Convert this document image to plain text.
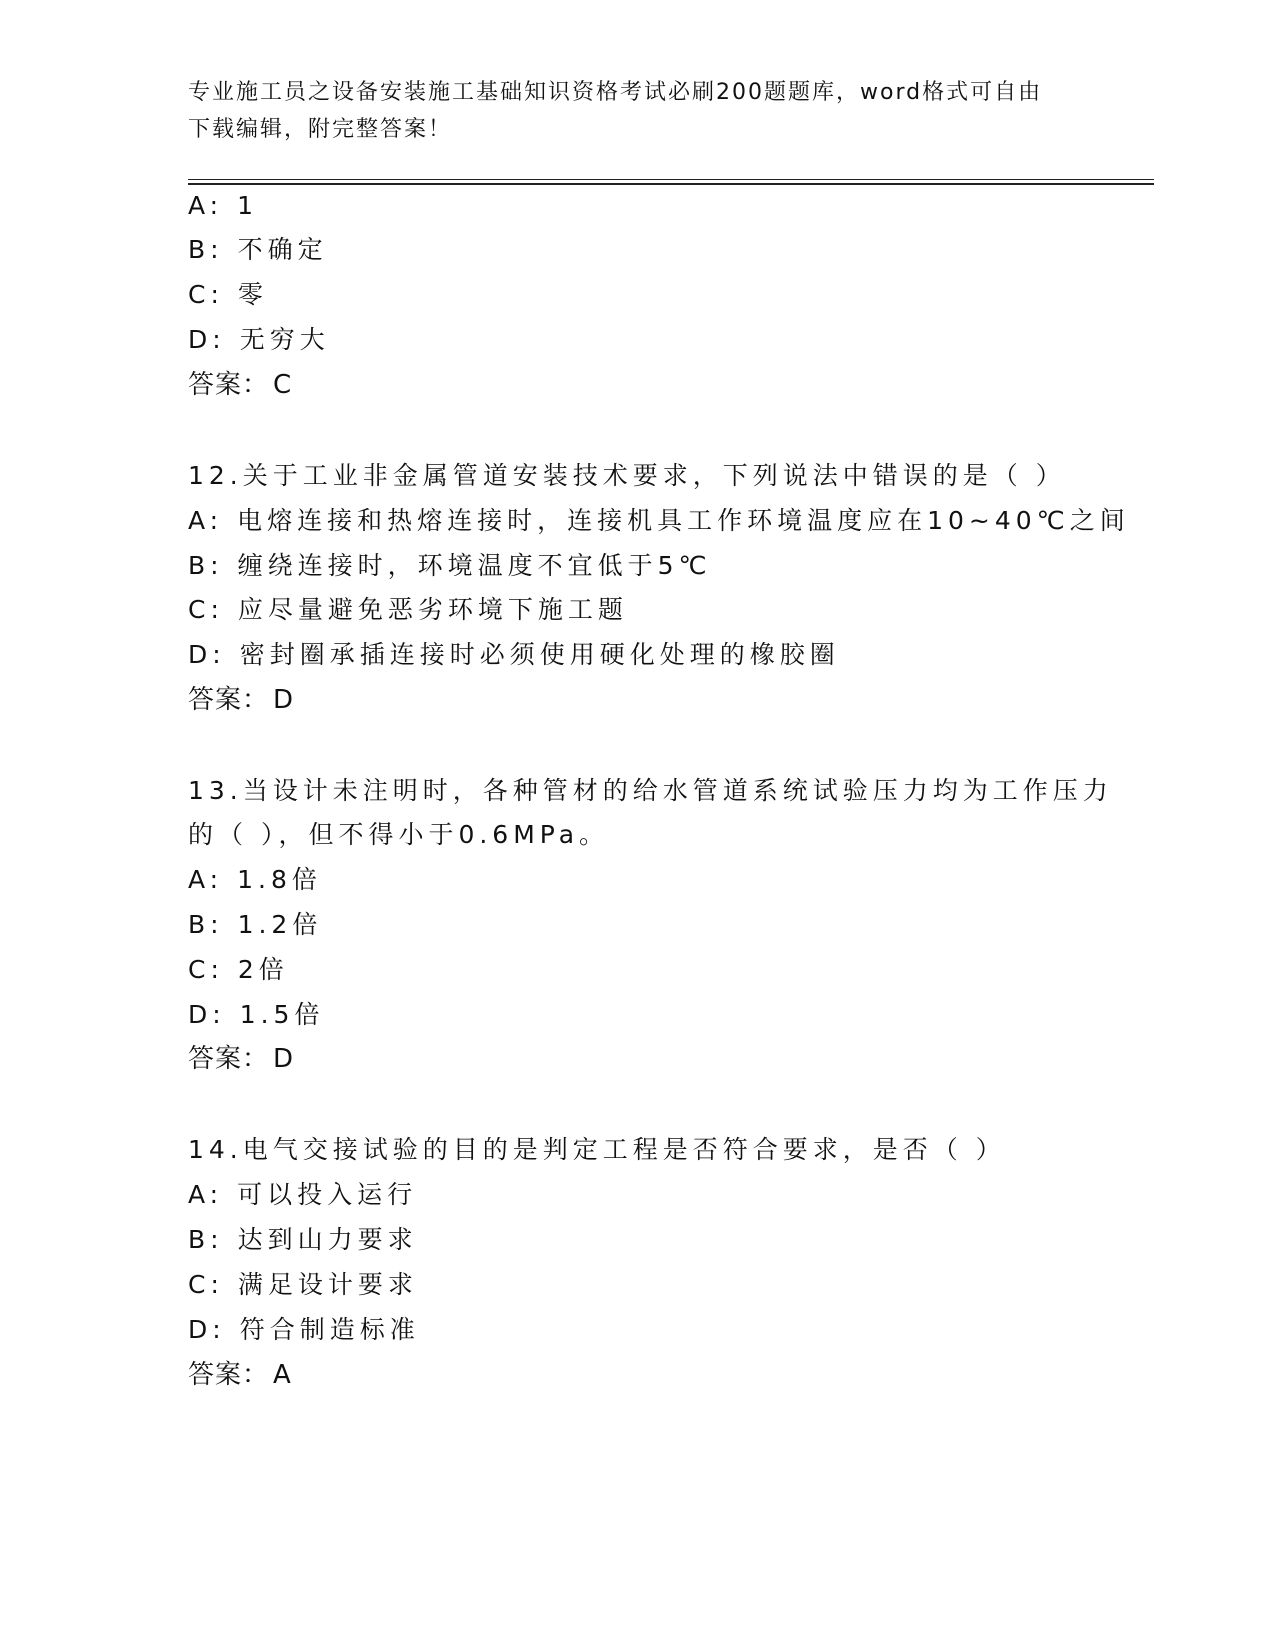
专业施工员之设备安装施工基础知识资格考试必刷200题题库，word格式可自由
下载编辑，附完整答案！
A: 1
B: 不确定
C: 零
D: 无穷大
答案： C
12.关于工业非金属管道安装技术要求，下列说法中错误的是（ ）
A: 电熔连接和热熔连接时，连接机具工作环境温度应在10~40℃之间
B: 缠绕连接时，环境温度不宜低于5℃
C: 应尽量避免恶劣环境下施工题
D: 密封圈承插连接时必须使用硬化处理的橡胶圈
答案： D
13.当设计未注明时，各种管材的给水管道系统试验压力均为工作压力
的（ ），但不得小于0.6MPa。
A: 1.8倍
B: 1.2倍
C: 2倍
D: 1.5倍
答案： D
14.电气交接试验的目的是判定工程是否符合要求，是否（ ）
A: 可以投入运行
B: 达到山力要求
C: 满足设计要求
D: 符合制造标准
答案： A
